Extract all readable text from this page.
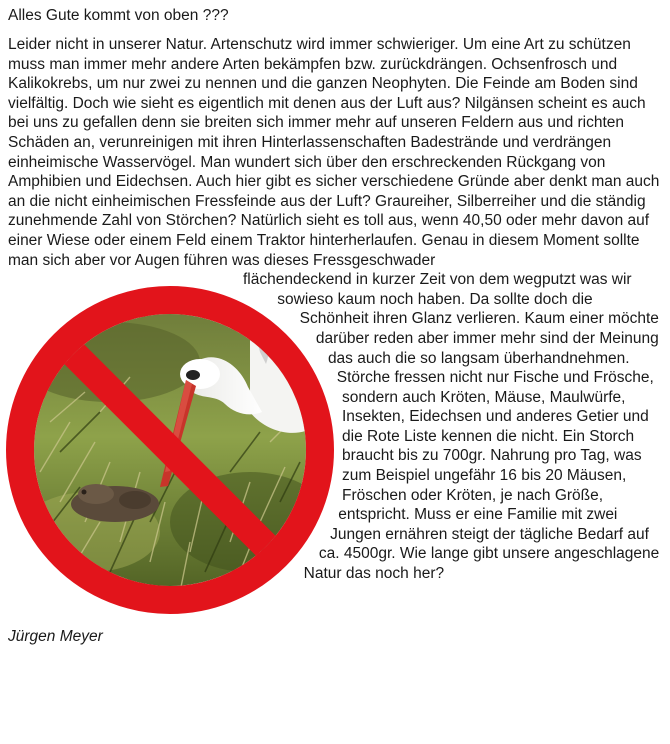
Alles Gute kommt von oben ???

Leider nicht in unserer Natur. Artenschutz wird immer schwieriger. Um eine Art zu schützen muss man immer mehr andere Arten bekämpfen bzw. zurückdrängen. Ochsenfrosch und Kalikokrebs, um nur zwei zu nennen und die ganzen Neophyten. Die Feinde am Boden sind vielfältig. Doch wie sieht es eigentlich mit denen aus der Luft aus? Nilgänsen scheint es auch bei uns zu gefallen denn sie breiten sich immer mehr auf unseren Feldern aus und richten Schäden an, verunreinigen mit ihren Hinterlassenschaften Badestrände und verdrängen einheimische Wasservögel. Man wundert sich über den erschreckenden Rückgang von Amphibien und Eidechsen. Auch hier gibt es sicher verschiedene Gründe aber denkt man auch an die nicht einheimischen Fressfeinde aus der Luft? Graureiher, Silberreiher und die ständig zunehmende Zahl von Störchen? Natürlich sieht es toll aus, wenn 40,50 oder mehr davon auf einer Wiese oder einem Feld einem Traktor hinterherlaufen. Genau in diesem Moment sollte man sich aber vor Augen führen was dieses Fressgeschwader

flächendeckend in kurzer Zeit von dem wegputzt was wir sowieso kaum noch haben. Da sollte doch die Schönheit ihren Glanz verlieren. Kaum einer möchte darüber reden aber immer mehr sind der Meinung das auch die so langsam überhandnehmen. Störche fressen nicht nur Fische und Frösche, sondern auch Kröten, Mäuse, Maulwürfe, Insekten, Eidechsen und anderes Getier und die Rote Liste kennen die nicht. Ein Storch braucht bis zu 700gr. Nahrung pro Tag, was zum Beispiel ungefähr 16 bis 20 Mäusen, Fröschen oder Kröten, je nach Größe, entspricht. Muss er eine Familie mit zwei Jungen ernähren steigt der tägliche Bedarf auf ca. 4500gr. Wie lange gibt unsere angeschlagene Natur das noch her?

Jürgen Meyer
